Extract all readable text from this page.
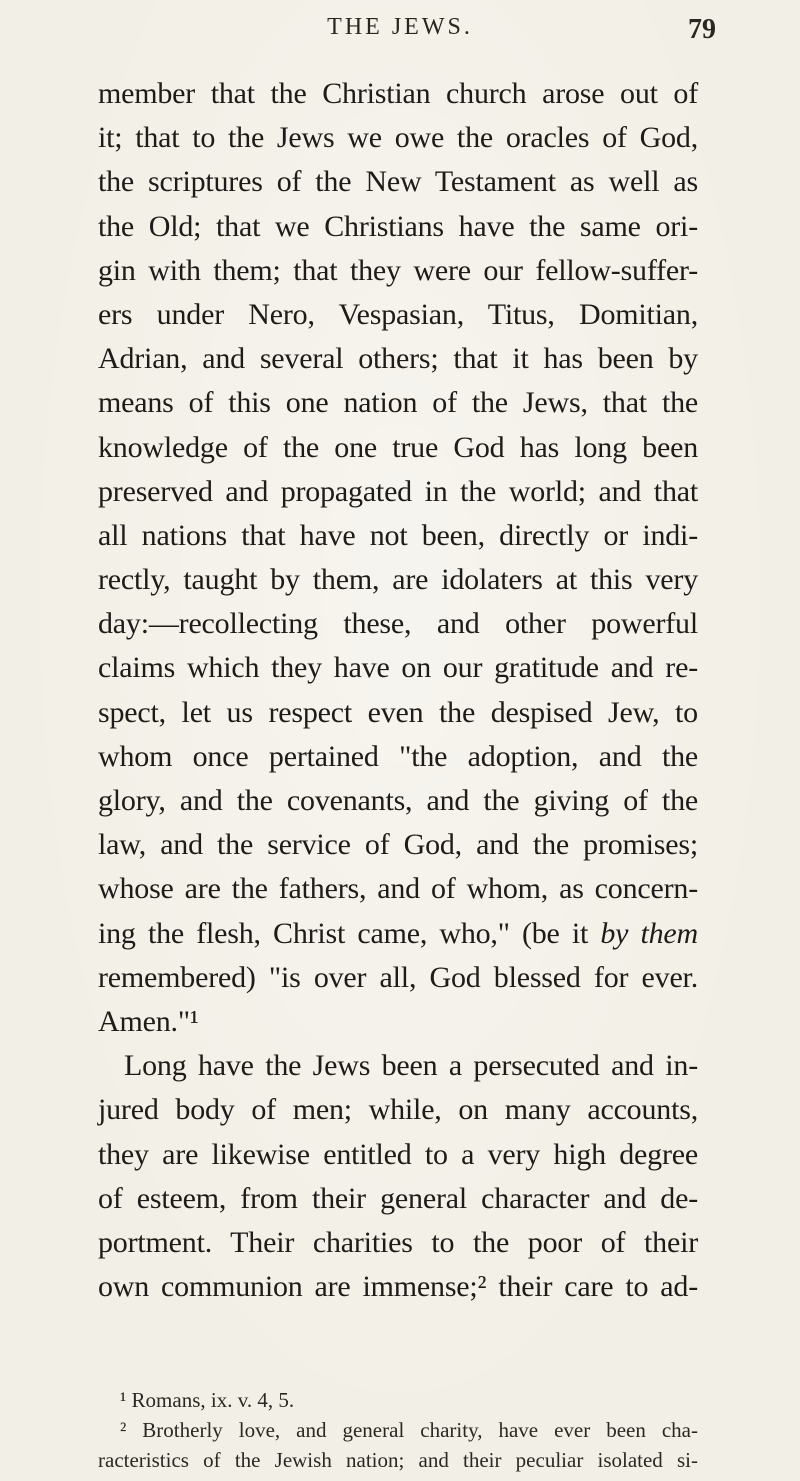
THE JEWS.	79
member that the Christian church arose out of
it; that to the Jews we owe the oracles of God,
the scriptures of the New Testament as well as
the Old; that we Christians have the same ori-
gin with them; that they were our fellow-suffer-
ers under Nero, Vespasian, Titus, Domitian,
Adrian, and several others; that it has been by
means of this one nation of the Jews, that the
knowledge of the one true God has long been
preserved and propagated in the world; and that
all nations that have not been, directly or indi-
rectly, taught by them, are idolaters at this very
day:—recollecting these, and other powerful
claims which they have on our gratitude and re-
spect, let us respect even the despised Jew, to
whom once pertained "the adoption, and the
glory, and the covenants, and the giving of the
law, and the service of God, and the promises;
whose are the fathers, and of whom, as concern-
ing the flesh, Christ came, who," (be it by them
remembered) "is over all, God blessed for ever.
Amen."¹
Long have the Jews been a persecuted and in-
jured body of men; while, on many accounts,
they are likewise entitled to a very high degree
of esteem, from their general character and de-
portment. Their charities to the poor of their
own communion are immense;² their care to ad-
¹ Romans, ix. v. 4, 5.
² Brotherly love, and general charity, have ever been cha-
racteristics of the Jewish nation; and their peculiar isolated si-
